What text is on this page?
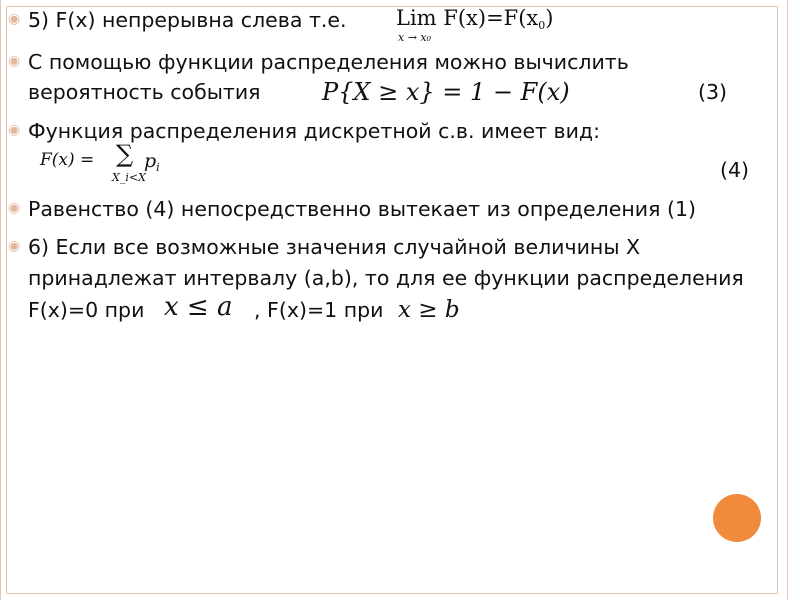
◉ 5) F(x) непрерывна слева т.е. Lim $F(x)=F(x_0)$
x → x₀
◉ С помощью функции распределения можно вычислить
вероятность события	P{X ≥ x} = 1 − F(x)	(3)
◉ Функция распределения дискретной с.в. имеет вид:
F(x) = ∑ $p_i$
X_i<X	(4)
◉ Равенство (4) непосредственно вытекает из определения (1)
◉ 6) Если все возможные значения случайной величины X
принадлежат интервалу (a,b), то для ее функции распределения
F(x)=0 при x ≤ a , F(x)=1 при x ≥ b
